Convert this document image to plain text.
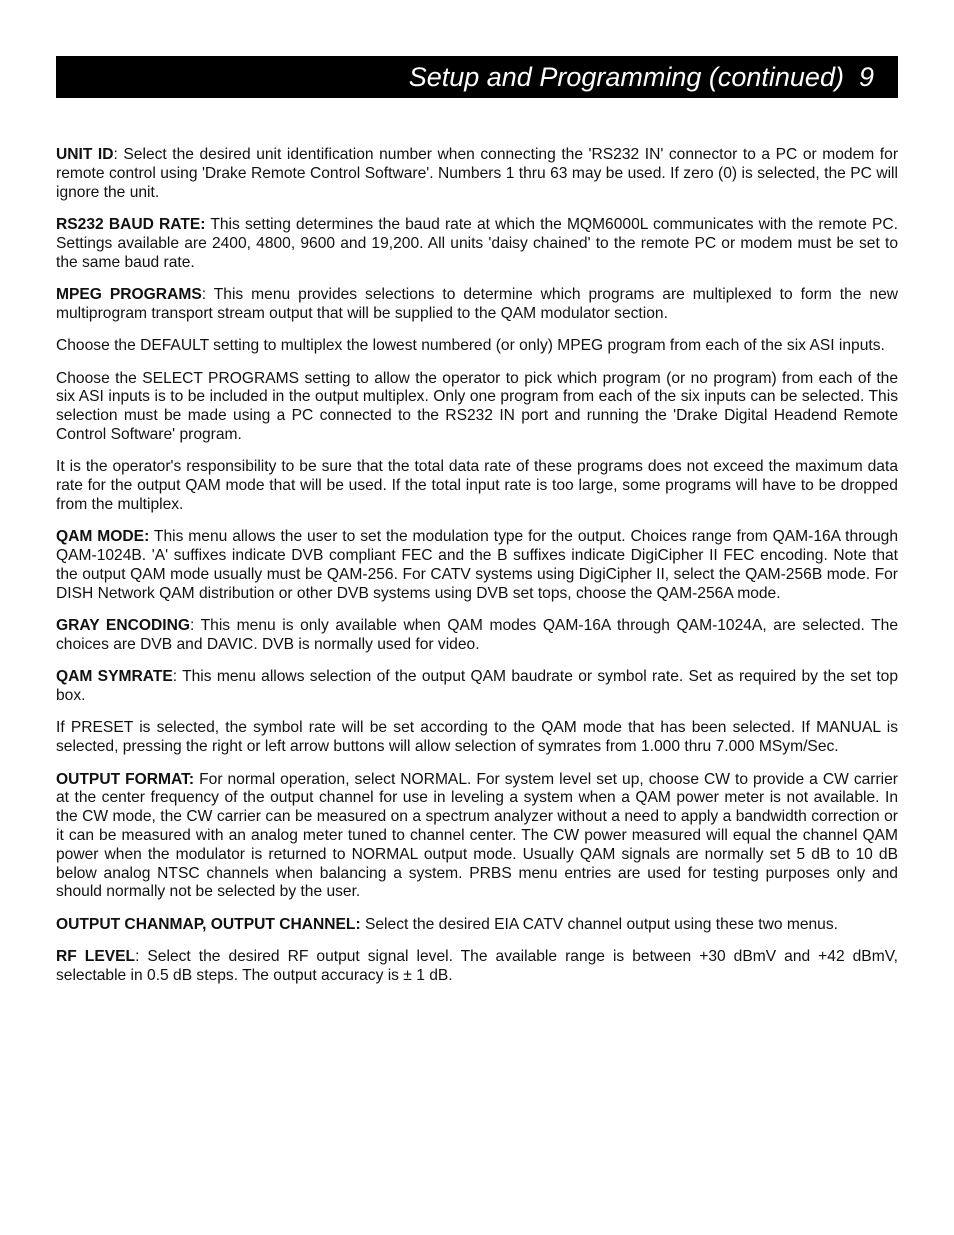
Setup and Programming (continued) 9

UNIT ID: Select the desired unit identification number when connecting the 'RS232 IN' connector to a PC or modem for remote control using 'Drake Remote Control Software'. Numbers 1 thru 63 may be used. If zero (0) is selected, the PC will ignore the unit.

RS232 BAUD RATE: This setting determines the baud rate at which the MQM6000L communicates with the remote PC. Settings available are 2400, 4800, 9600 and 19,200. All units 'daisy chained' to the remote PC or modem must be set to the same baud rate.

MPEG PROGRAMS: This menu provides selections to determine which programs are multiplexed to form the new multiprogram transport stream output that will be supplied to the QAM modulator section.

Choose the DEFAULT setting to multiplex the lowest numbered (or only) MPEG program from each of the six ASI inputs.

Choose the SELECT PROGRAMS setting to allow the operator to pick which program (or no program) from each of the six ASI inputs is to be included in the output multiplex. Only one program from each of the six inputs can be selected. This selection must be made using a PC connected to the RS232 IN port and running the 'Drake Digital Headend Remote Control Software' program.

It is the operator's responsibility to be sure that the total data rate of these programs does not exceed the maximum data rate for the output QAM mode that will be used. If the total input rate is too large, some programs will have to be dropped from the multiplex.

QAM MODE: This menu allows the user to set the modulation type for the output. Choices range from QAM-16A through QAM-1024B. 'A' suffixes indicate DVB compliant FEC and the B suffixes indicate DigiCipher II FEC encoding. Note that the output QAM mode usually must be QAM-256. For CATV systems using DigiCipher II, select the QAM-256B mode. For DISH Network QAM distribution or other DVB systems using DVB set tops, choose the QAM-256A mode.

GRAY ENCODING: This menu is only available when QAM modes QAM-16A through QAM-1024A, are selected. The choices are DVB and DAVIC. DVB is normally used for video.

QAM SYMRATE: This menu allows selection of the output QAM baudrate or symbol rate. Set as required by the set top box.

If PRESET is selected, the symbol rate will be set according to the QAM mode that has been selected. If MANUAL is selected, pressing the right or left arrow buttons will allow selection of symrates from 1.000 thru 7.000 MSym/Sec.

OUTPUT FORMAT: For normal operation, select NORMAL. For system level set up, choose CW to provide a CW carrier at the center frequency of the output channel for use in leveling a system when a QAM power meter is not available. In the CW mode, the CW carrier can be measured on a spectrum analyzer without a need to apply a bandwidth correction or it can be measured with an analog meter tuned to channel center. The CW power measured will equal the channel QAM power when the modulator is returned to NORMAL output mode. Usually QAM signals are normally set 5 dB to 10 dB below analog NTSC channels when balancing a system. PRBS menu entries are used for testing purposes only and should normally not be selected by the user.

OUTPUT CHANMAP, OUTPUT CHANNEL: Select the desired EIA CATV channel output using these two menus.

RF LEVEL: Select the desired RF output signal level. The available range is between +30 dBmV and +42 dBmV, selectable in 0.5 dB steps. The output accuracy is ± 1 dB.
